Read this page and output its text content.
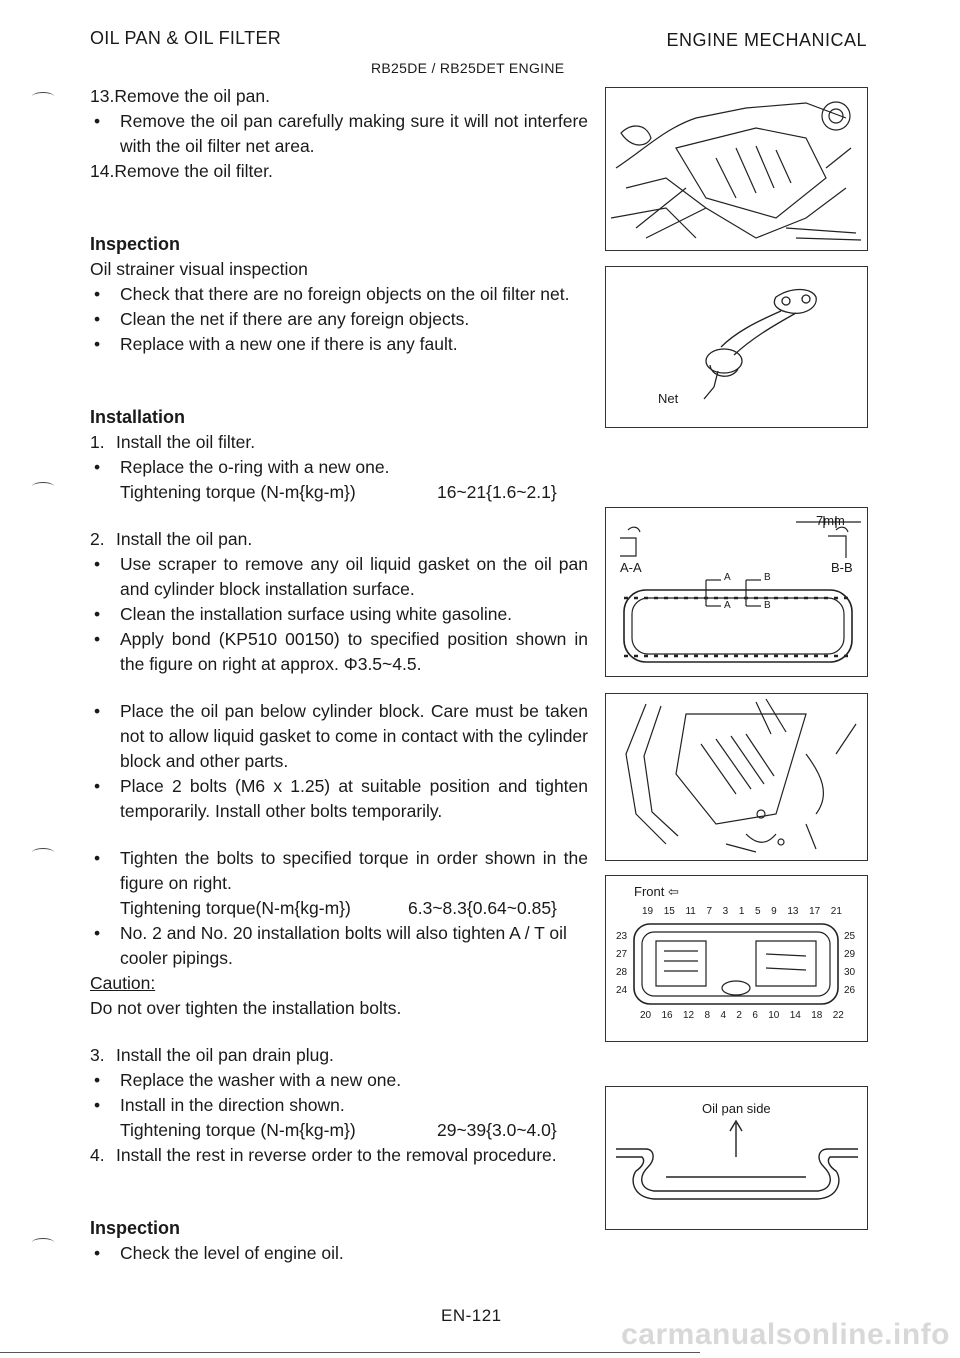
OIL PAN & OIL FILTER	ENGINE MECHANICAL
RB25DE / RB25DET ENGINE

13.Remove the oil pan.

• Remove the oil pan carefully making sure it will not interfere with the oil filter net area.

14.Remove the oil filter.

Inspection

Oil strainer visual inspection

• Check that there are no foreign objects on the oil filter net.

• Clean the net if there are any foreign objects.

• Replace with a new one if there is any fault.

Installation

1. Install the oil filter.

• Replace the o-ring with a new one.

Tightening torque (N-m{kg-m})	16~21{1.6~2.1}

2. Install the oil pan.

• Use scraper to remove any oil liquid gasket on the oil pan and cylinder block installation surface.

• Clean the installation surface using white gasoline.

• Apply bond (KP510 00150) to specified position shown in the figure on right at approx. Φ3.5~4.5.

• Place the oil pan below cylinder block. Care must be taken not to allow liquid gasket to come in contact with the cylinder block and other parts.

• Place 2 bolts (M6 x 1.25) at suitable position and tighten temporarily. Install other bolts temporarily.

• Tighten the bolts to specified torque in order shown in the figure on right.

Tightening torque(N-m{kg-m})	6.3~8.3{0.64~0.85}

• No. 2 and No. 20 installation bolts will also tighten A / T oil cooler pipings.

Caution:

Do not over tighten the installation bolts.

3. Install the oil pan drain plug.

• Replace the washer with a new one.

• Install in the direction shown.

Tightening torque (N-m{kg-m})	29~39{3.0~4.0}

4. Install the rest in reverse order to the removal procedure.

Inspection

• Check the level of engine oil.

Net
7mm
A-A	B-B
A	B
A	B
Front ⇦
19 15 11 7 3 1 5 9 13 17 21
20 16 12 8 4 2 6 10 14 18 22
23
27
28
24
25
29
30
26
Oil pan side
EN-121
carmanualsonline.info
